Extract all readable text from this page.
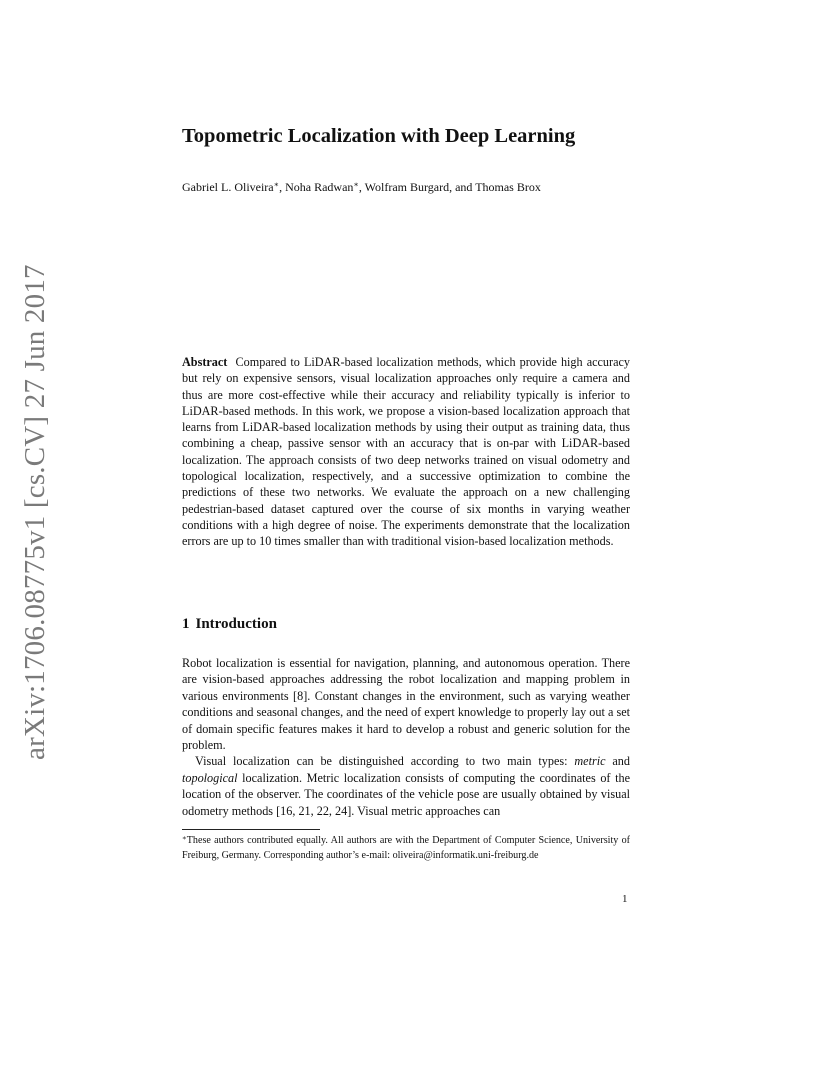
arXiv:1706.08775v1 [cs.CV] 27 Jun 2017
Topometric Localization with Deep Learning

Gabriel L. Oliveira∗, Noha Radwan∗, Wolfram Burgard, and Thomas Brox

Abstract Compared to LiDAR-based localization methods, which provide high accuracy but rely on expensive sensors, visual localization approaches only require a camera and thus are more cost-effective while their accuracy and reliability typically is inferior to LiDAR-based methods. In this work, we propose a vision-based localization approach that learns from LiDAR-based localization methods by using their output as training data, thus combining a cheap, passive sensor with an accuracy that is on-par with LiDAR-based localization. The approach consists of two deep networks trained on visual odometry and topological localization, respectively, and a successive optimization to combine the predictions of these two networks. We evaluate the approach on a new challenging pedestrian-based dataset captured over the course of six months in varying weather conditions with a high degree of noise. The experiments demonstrate that the localization errors are up to 10 times smaller than with traditional vision-based localization methods.

1 Introduction

Robot localization is essential for navigation, planning, and autonomous operation. There are vision-based approaches addressing the robot localization and mapping problem in various environments [8]. Constant changes in the environment, such as varying weather conditions and seasonal changes, and the need of expert knowledge to properly lay out a set of domain specific features makes it hard to develop a robust and generic solution for the problem.

Visual localization can be distinguished according to two main types: metric and topological localization. Metric localization consists of computing the coordinates of the location of the observer. The coordinates of the vehicle pose are usually obtained by visual odometry methods [16, 21, 22, 24]. Visual metric approaches can

∗These authors contributed equally. All authors are with the Department of Computer Science, University of Freiburg, Germany. Corresponding author’s e-mail: oliveira@informatik.uni-freiburg.de

1
